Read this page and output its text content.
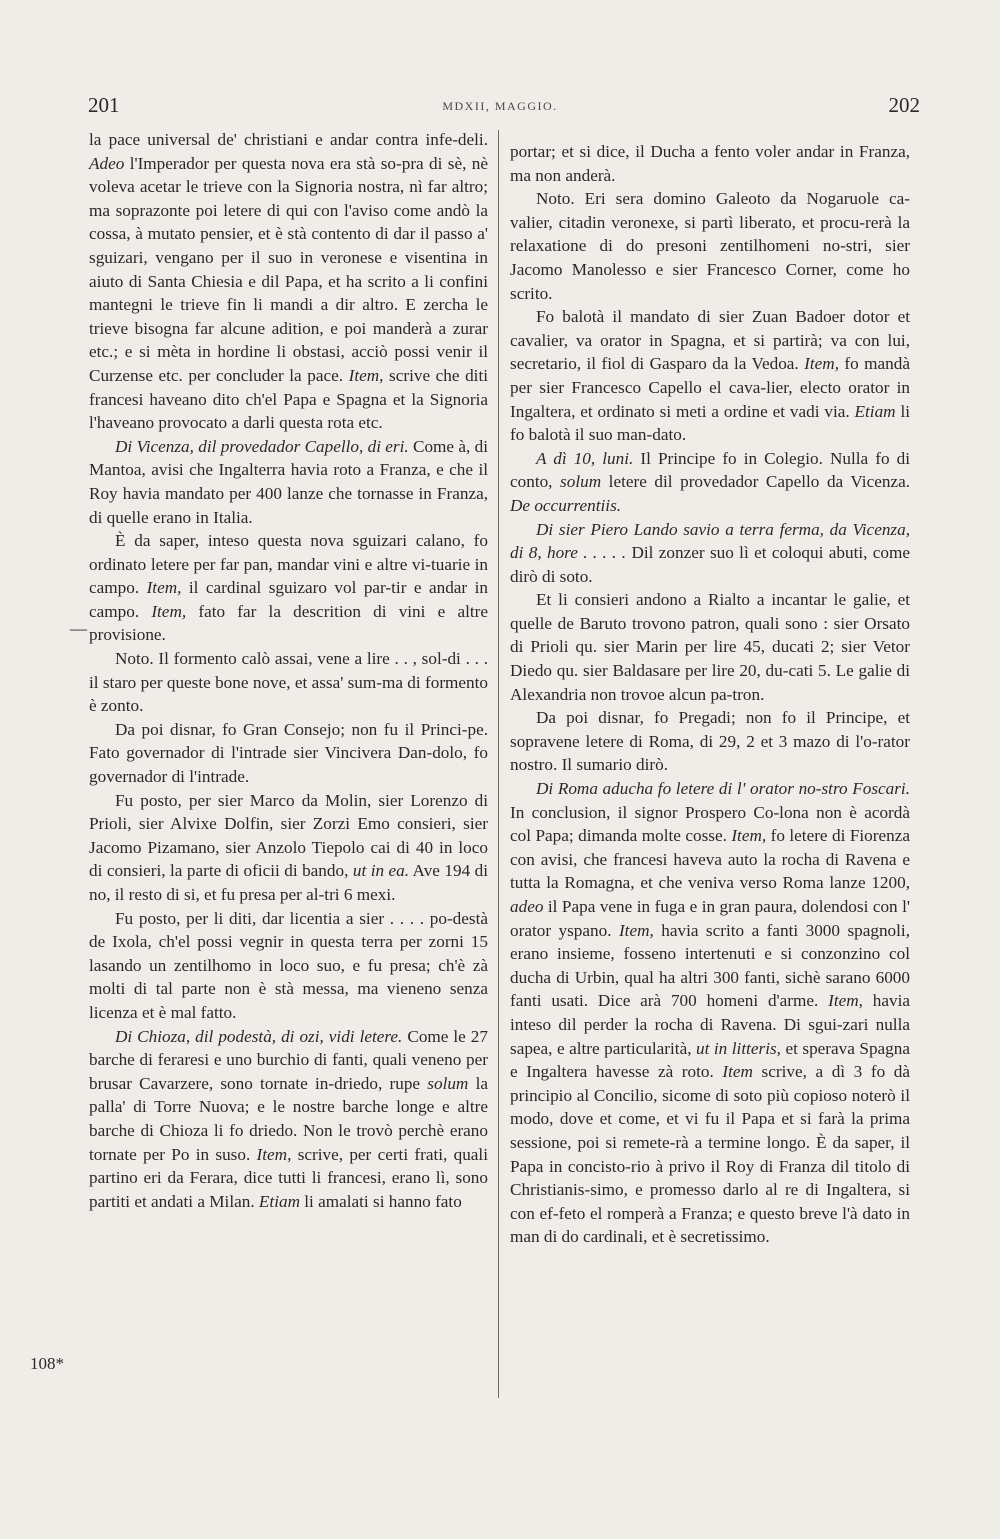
201	MDXII, MAGGIO.	202
—
108*

la pace universal de' christiani e andar contra infe-deli. Adeo l'Imperador per questa nova era stà so-pra di sè, nè voleva acetar le trieve con la Signoria nostra, nì far altro; ma soprazonte poi letere di qui con l'aviso come andò la cossa, à mutato pensier, et è stà contento di dar il passo a' sguizari, vengano per il suo in veronese e visentina in aiuto di Santa Chiesia e dil Papa, et ha scrito a li confini mantegni le trieve fin li mandi a dir altro. E zercha le trieve bisogna far alcune adition, e poi manderà a zurar etc.; e si mèta in hordine li obstasi, acciò possi venir il Curzense etc. per concluder la pace. Item, scrive che diti francesi haveano dito ch'el Papa e Spagna et la Signoria l'haveano provocato a darli questa rota etc.

Di Vicenza, dil provedador Capello, di eri. Come à, di Mantoa, avisi che Ingalterra havia roto a Franza, e che il Roy havia mandato per 400 lanze che tornasse in Franza, di quelle erano in Italia.

È da saper, inteso questa nova sguizari calano, fo ordinato letere per far pan, mandar vini e altre vi-tuarie in campo. Item, il cardinal sguizaro vol par-tir e andar in campo. Item, fato far la descrition di vini e altre provisione.

Noto. Il formento calò assai, vene a lire . . , sol-di . . . il staro per queste bone nove, et assa' sum-ma di formento è zonto.

Da poi disnar, fo Gran Consejo; non fu il Princi-pe. Fato governador di l'intrade sier Vincivera Dan-dolo, fo governador di l'intrade.

Fu posto, per sier Marco da Molin, sier Lorenzo di Prioli, sier Alvixe Dolfin, sier Zorzi Emo consieri, sier Jacomo Pizamano, sier Anzolo Tiepolo cai di 40 in loco di consieri, la parte di oficii di bando, ut in ea. Ave 194 di no, il resto di si, et fu presa per al-tri 6 mexi.

Fu posto, per li diti, dar licentia a sier . . . . po-destà de Ixola, ch'el possi vegnir in questa terra per zorni 15 lasando un zentilhomo in loco suo, e fu presa; ch'è zà molti di tal parte non è stà messa, ma vieneno senza licenza et è mal fatto.

Di Chioza, dil podestà, di ozi, vidi letere. Come le 27 barche di feraresi e uno burchio di fanti, quali veneno per brusar Cavarzere, sono tornate in-driedo, rupe solum la palla' di Torre Nuova; e le nostre barche longe e altre barche di Chioza li fo driedo. Non le trovò perchè erano tornate per Po in suso. Item, scrive, per certi frati, quali partino eri da Ferara, dice tutti li francesi, erano lì, sono partiti et andati a Milan. Etiam li amalati si hanno fato

portar; et si dice, il Ducha a fento voler andar in Franza, ma non anderà.

Noto. Eri sera domino Galeoto da Nogaruole ca-valier, citadin veronexe, si partì liberato, et procu-rerà la relaxatione di do presoni zentilhomeni no-stri, sier Jacomo Manolesso e sier Francesco Corner, come ho scrito.

Fo balotà il mandato di sier Zuan Badoer dotor et cavalier, va orator in Spagna, et si partirà; va con lui, secretario, il fiol di Gasparo da la Vedoa. Item, fo mandà per sier Francesco Capello el cava-lier, electo orator in Ingaltera, et ordinato si meti a ordine et vadi via. Etiam li fo balotà il suo man-dato.

A dì 10, luni. Il Principe fo in Colegio. Nulla fo di conto, solum letere dil provedador Capello da Vicenza. De occurrentiis.

Di sier Piero Lando savio a terra ferma, da Vicenza, di 8, hore . . . . . Dil zonzer suo lì et coloqui abuti, come dirò di soto.

Et li consieri andono a Rialto a incantar le galie, et quelle de Baruto trovono patron, quali sono : sier Orsato di Prioli qu. sier Marin per lire 45, ducati 2; sier Vetor Diedo qu. sier Baldasare per lire 20, du-cati 5. Le galie di Alexandria non trovoe alcun pa-tron.

Da poi disnar, fo Pregadi; non fo il Principe, et sopravene letere di Roma, di 29, 2 et 3 mazo di l'o-rator nostro. Il sumario dirò.

Di Roma aducha fo letere di l' orator no-stro Foscari. In conclusion, il signor Prospero Co-lona non è acordà col Papa; dimanda molte cosse. Item, fo letere di Fiorenza con avisi, che francesi haveva auto la rocha di Ravena e tutta la Romagna, et che veniva verso Roma lanze 1200, adeo il Papa vene in fuga e in gran paura, dolendosi con l' orator yspano. Item, havia scrito a fanti 3000 spagnoli, erano insieme, fosseno intertenuti e si conzonzino col ducha di Urbin, qual ha altri 300 fanti, sichè sarano 6000 fanti usati. Dice arà 700 homeni d'arme. Item, havia inteso dil perder la rocha di Ravena. Di sgui-zari nulla sapea, e altre particularità, ut in litteris, et sperava Spagna e Ingaltera havesse zà roto. Item scrive, a dì 3 fo dà principio al Concilio, sicome di soto più copioso noterò il modo, dove et come, et vi fu il Papa et si farà la prima sessione, poi si remete-rà a termine longo. È da saper, il Papa in concisto-rio à privo il Roy di Franza dil titolo di Christianis-simo, e promesso darlo al re di Ingaltera, si con ef-feto el romperà a Franza; e questo breve l'à dato in man di do cardinali, et è secretissimo.
